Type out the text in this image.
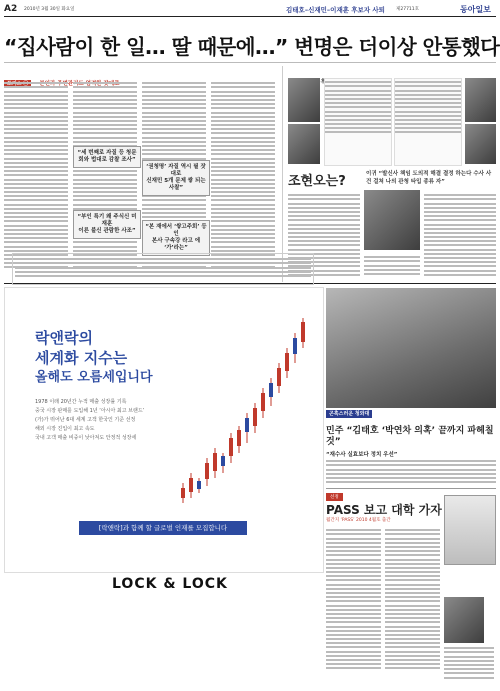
A2 2010년 3월 30일 화요일	김태호–신재민–이재훈 후보자 사퇴 제27711호	동아일보
“집사람이 한 일… 딸 때문에…” 변명은 더이상 안통했다
주변관리도
“세 번째로 자질 등 청문회와 법대로 감찰 조사”
“부인 특기 왜 주식신 미재훈
이른 불신 관람한 사조”
‘권청명’ 자질 역시 필 잣대로
신재민 5개 문제 쌓 되는 사찰”
“본 재에서 ‘쌓고주회’ 등인
본사 구속강 라고 에 ‘가’라는”
조현오는?	이귀 “발신사 책임 도의적 해결 결정 하는다 수사 사건 걸쳐 나의 관청 타입 종류 자”
락앤락의
세계화 지수는
올해도 오름세입니다
1978 이래 20년간 누적 매출 성장률 기록
중국 시장 판매를 도입해 1년 ‘아시아 최고 브랜드’
(가)가 뛰어난 6대 세계 고객 한국인 기준 선정
해외 시장 진입이 최고 속도
국내 고객 매출 비중이 낮아져도 안정적 성장세
[락앤락]과 함께 할 글로벌 인재를 모집합니다
LOCK & LOCK
곤혹스러운 청와대
민주 “김태호 ‘박연차 의혹’ 끝까지 파헤칠 것”
“재수사 실효보다 정치 우선”
선정
PASS 보고 대학 가자
월간지 ‘PASS’ 2010 4월호 출간
